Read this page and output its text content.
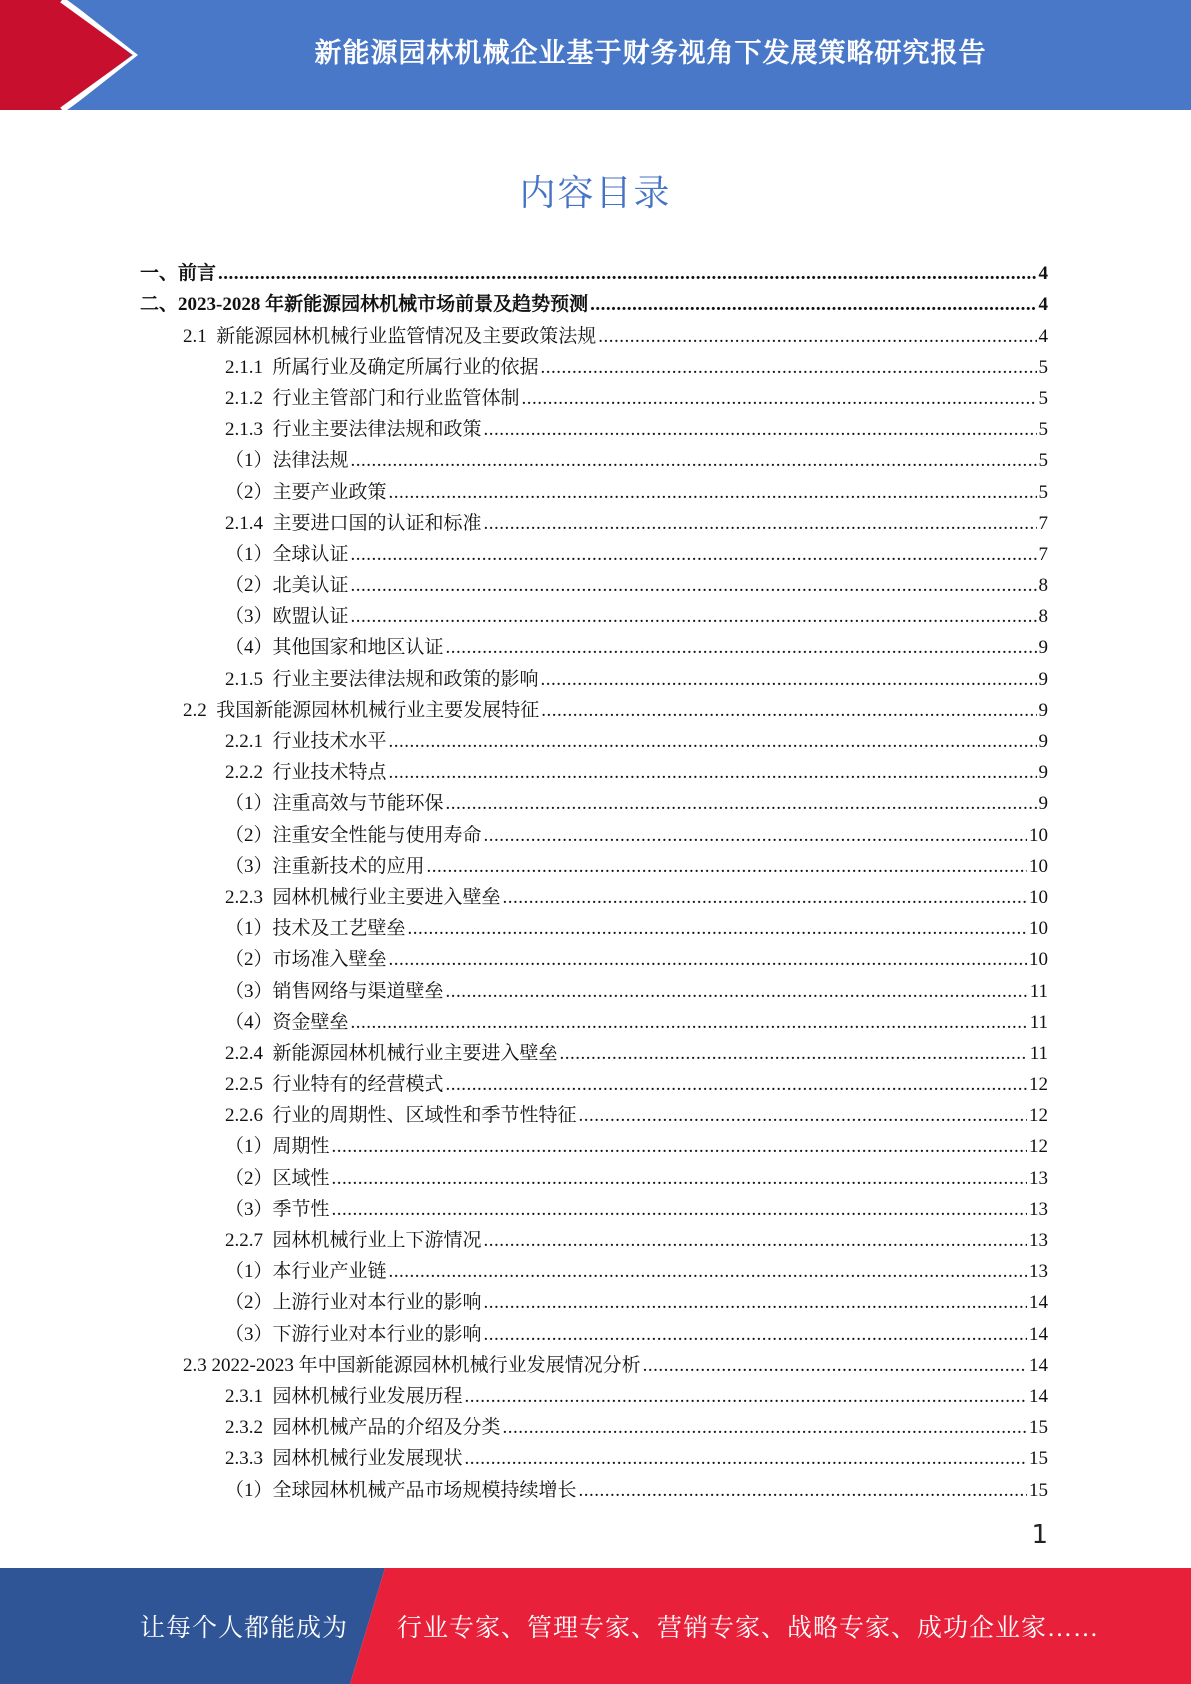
新能源园林机械企业基于财务视角下发展策略研究报告
内容目录
一、前言 .....	4
二、2023-2028 年新能源园林机械市场前景及趋势预测 .....	4
2.1  新能源园林机械行业监管情况及主要政策法规 .....	4
2.1.1  所属行业及确定所属行业的依据 .....	5
2.1.2  行业主管部门和行业监管体制 .....	5
2.1.3  行业主要法律法规和政策 .....	5
（1）法律法规 .....	5
（2）主要产业政策 .....	5
2.1.4  主要进口国的认证和标准 .....	7
（1）全球认证 .....	7
（2）北美认证 .....	8
（3）欧盟认证 .....	8
（4）其他国家和地区认证 .....	9
2.1.5  行业主要法律法规和政策的影响 .....	9
2.2  我国新能源园林机械行业主要发展特征 .....	9
2.2.1  行业技术水平 .....	9
2.2.2  行业技术特点 .....	9
（1）注重高效与节能环保 .....	9
（2）注重安全性能与使用寿命 .....	10
（3）注重新技术的应用 .....	10
2.2.3  园林机械行业主要进入壁垒 .....	10
（1）技术及工艺壁垒 .....	10
（2）市场准入壁垒 .....	10
（3）销售网络与渠道壁垒 .....	11
（4）资金壁垒 .....	11
2.2.4  新能源园林机械行业主要进入壁垒 .....	11
2.2.5  行业特有的经营模式 .....	12
2.2.6  行业的周期性、区域性和季节性特征 .....	12
（1）周期性 .....	12
（2）区域性 .....	13
（3）季节性 .....	13
2.2.7  园林机械行业上下游情况 .....	13
（1）本行业产业链 .....	13
（2）上游行业对本行业的影响 .....	14
（3）下游行业对本行业的影响 .....	14
2.3 2022-2023 年中国新能源园林机械行业发展情况分析 .....	14
2.3.1  园林机械行业发展历程 .....	14
2.3.2  园林机械产品的介绍及分类 .....	15
2.3.3  园林机械行业发展现状 .....	15
（1）全球园林机械产品市场规模持续增长 .....	15
1
让每个人都能成为 行业专家、管理专家、营销专家、战略专家、成功企业家……
